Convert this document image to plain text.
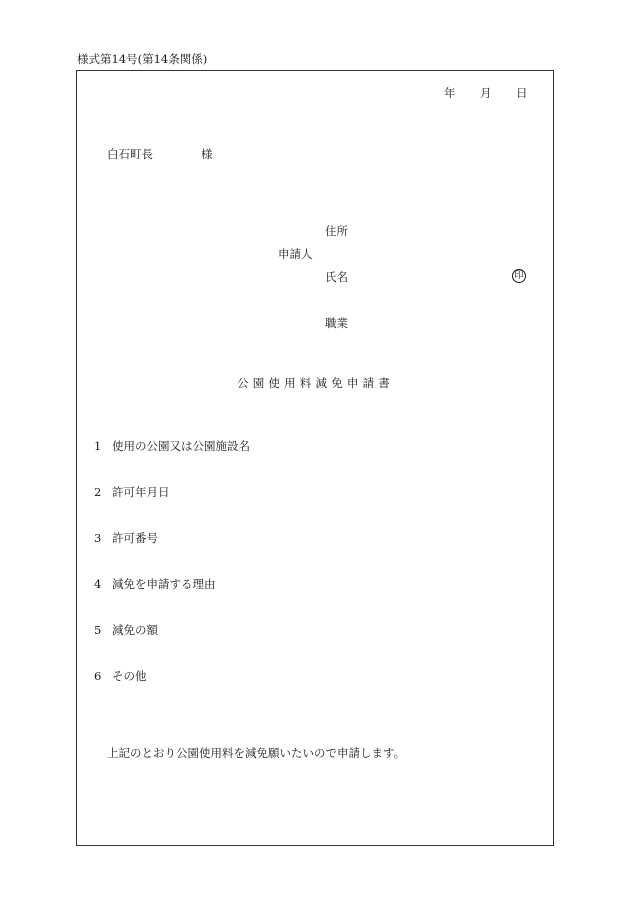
様式第14号(第14条関係)
年 月 日
白石町長	様
住所
申請人
氏名	印
職業
公園使用料減免申請書
1 使用の公園又は公園施設名
2 許可年月日
3 許可番号
4 減免を申請する理由
5 減免の額
6 その他
上記のとおり公園使用料を減免願いたいので申請します。
